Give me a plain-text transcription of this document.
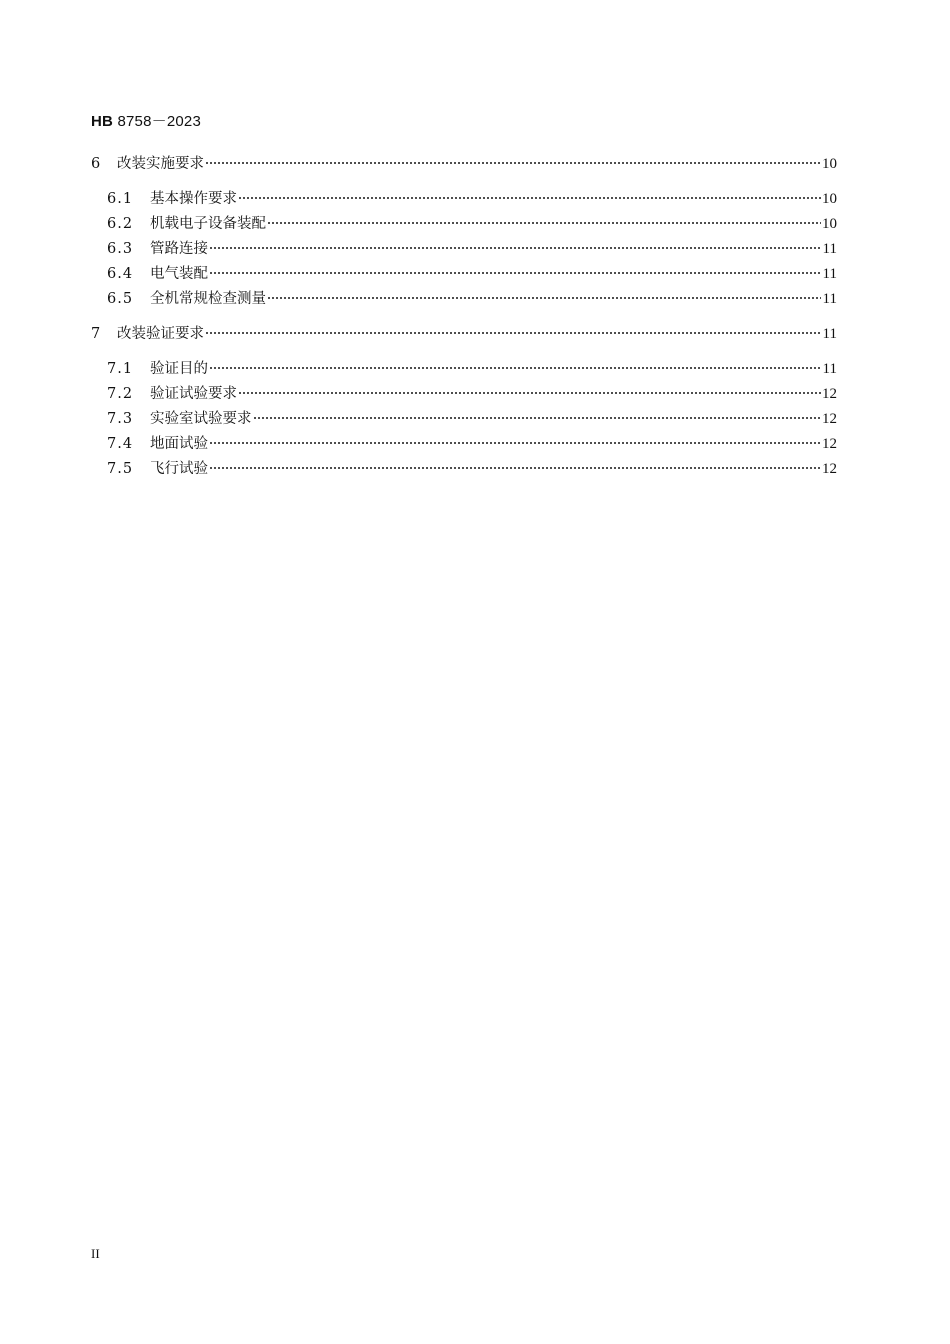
HB 8758－2023
6	改装实施要求	10
6.1	基本操作要求	10
6.2	机载电子设备装配	10
6.3	管路连接	11
6.4	电气装配	11
6.5	全机常规检查测量	11
7	改装验证要求	11
7.1	验证目的	11
7.2	验证试验要求	12
7.3	实验室试验要求	12
7.4	地面试验	12
7.5	飞行试验	12
II
